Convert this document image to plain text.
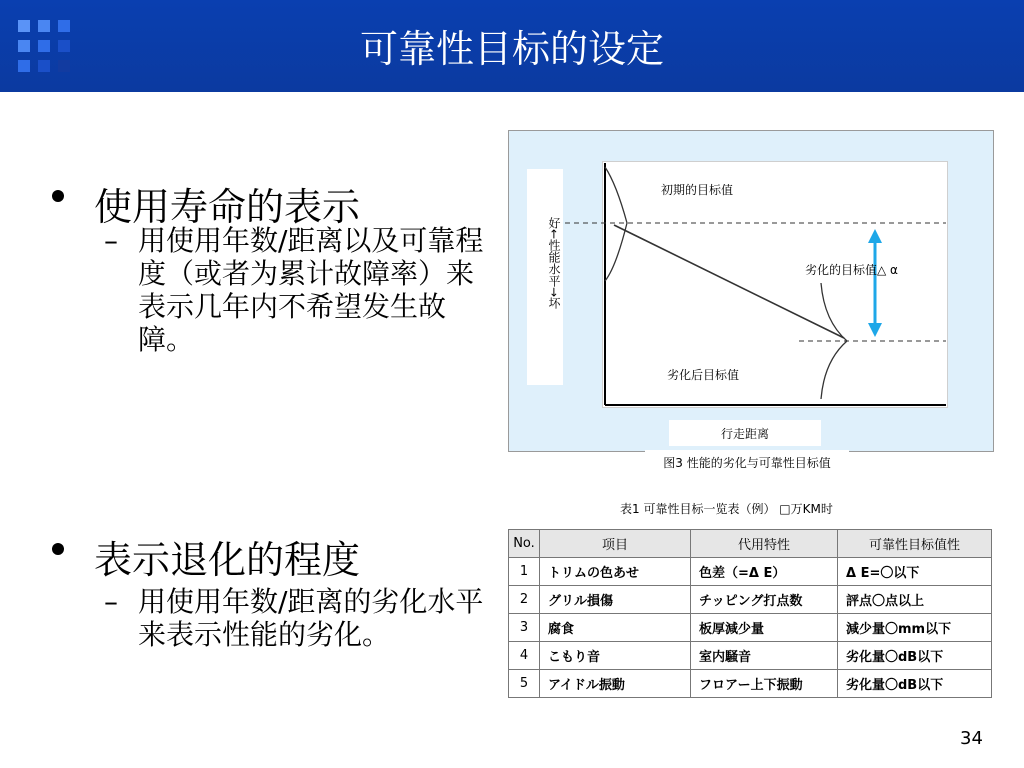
可靠性目标的设定
使用寿命的表示
– 用使用年数/距离以及可靠程度（或者为累计故障率）来表示几年内不希望发生故障。
表示退化的程度
– 用使用年数/距离的劣化水平来表示性能的劣化。
好←性能水平→坏
初期的目标值
劣化的目标值△ α
劣化后目标值
行走距离
图3 性能的劣化与可靠性目标值
表1 可靠性目标一览表（例） □万KM时
No.	项目	代用特性	可靠性目标值性
1	トリムの色あせ	色差（=Δ E）	Δ E=〇以下
2	グリル損傷	チッピング打点数	評点〇点以上
3	腐食	板厚減少量	減少量〇mm以下
4	こもり音	室内騒音	劣化量〇dB以下
5	アイドル振動	フロアー上下振動	劣化量〇dB以下
34
